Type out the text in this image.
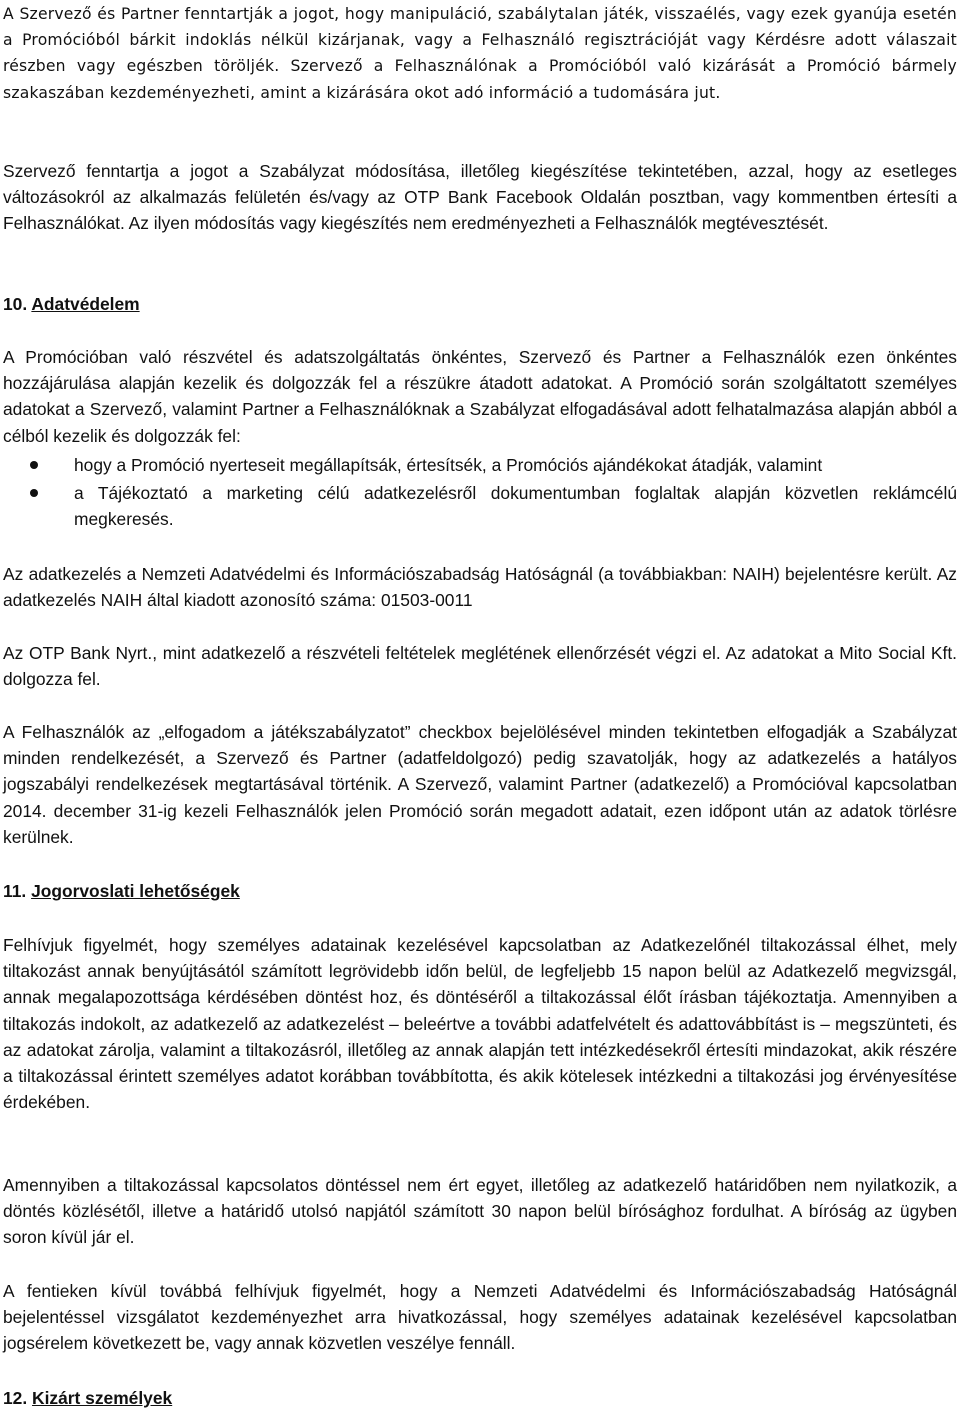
A Szervező és Partner fenntartják a jogot, hogy manipuláció, szabálytalan játék, visszaélés, vagy ezek gyanúja esetén a Promócióból bárkit indoklás nélkül kizárjanak, vagy a Felhasználó regisztrációját vagy Kérdésre adott válaszait részben vagy egészben töröljék. Szervező a Felhasználónak a Promócióból való kizárását a Promóció bármely szakaszában kezdeményezheti, amint a kizárására okot adó információ a tudomására jut.

Szervező fenntartja a jogot a Szabályzat módosítása, illetőleg kiegészítése tekintetében, azzal, hogy az esetleges változásokról az alkalmazás felületén és/vagy az OTP Bank Facebook Oldalán posztban, vagy kommentben értesíti a Felhasználókat. Az ilyen módosítás vagy kiegészítés nem eredményezheti a Felhasználók megtévesztését.

10. Adatvédelem

A Promócióban való részvétel és adatszolgáltatás önkéntes, Szervező és Partner a Felhasználók ezen önkéntes hozzájárulása alapján kezelik és dolgozzák fel a részükre átadott adatokat. A Promóció során szolgáltatott személyes adatokat a Szervező, valamint Partner a Felhasználóknak a Szabályzat elfogadásával adott felhatalmazása alapján abból a célból kezelik és dolgozzák fel:

hogy a Promóció nyerteseit megállapítsák, értesítsék, a Promóciós ajándékokat átadják, valamint
a Tájékoztató a marketing célú adatkezelésről dokumentumban foglaltak alapján közvetlen reklámcélú megkeresés.

Az adatkezelés a Nemzeti Adatvédelmi és Információszabadság Hatóságnál (a továbbiakban: NAIH) bejelentésre került. Az adatkezelés NAIH által kiadott azonosító száma: 01503-0011

Az OTP Bank Nyrt., mint adatkezelő a részvételi feltételek meglétének ellenőrzését végzi el. Az adatokat a Mito Social Kft. dolgozza fel.

A Felhasználók az „elfogadom a játékszabályzatot” checkbox bejelölésével minden tekintetben elfogadják a Szabályzat minden rendelkezését, a Szervező és Partner (adatfeldolgozó) pedig szavatolják, hogy az adatkezelés a hatályos jogszabályi rendelkezések megtartásával történik. A Szervező, valamint Partner (adatkezelő) a Promócióval kapcsolatban 2014. december 31-ig kezeli Felhasználók jelen Promóció során megadott adatait, ezen időpont után az adatok törlésre kerülnek.

11. Jogorvoslati lehetőségek

Felhívjuk figyelmét, hogy személyes adatainak kezelésével kapcsolatban az Adatkezelőnél tiltakozással élhet, mely tiltakozást annak benyújtásától számított legrövidebb időn belül, de legfeljebb 15 napon belül az Adatkezelő megvizsgál, annak megalapozottsága kérdésében döntést hoz, és döntéséről a tiltakozással élőt írásban tájékoztatja. Amennyiben a tiltakozás indokolt, az adatkezelő az adatkezelést – beleértve a további adatfelvételt és adattovábbítást is – megszünteti, és az adatokat zárolja, valamint a tiltakozásról, illetőleg az annak alapján tett intézkedésekről értesíti mindazokat, akik részére a tiltakozással érintett személyes adatot korábban továbbította, és akik kötelesek intézkedni a tiltakozási jog érvényesítése érdekében.

Amennyiben a tiltakozással kapcsolatos döntéssel nem ért egyet, illetőleg az adatkezelő határidőben nem nyilatkozik, a döntés közlésétől, illetve a határidő utolsó napjától számított 30 napon belül bírósághoz fordulhat. A bíróság az ügyben soron kívül jár el.

A fentieken kívül továbbá felhívjuk figyelmét, hogy a Nemzeti Adatvédelmi és Információszabadság Hatóságnál bejelentéssel vizsgálatot kezdeményezhet arra hivatkozással, hogy személyes adatainak kezelésével kapcsolatban jogsérelem következett be, vagy annak közvetlen veszélye fennáll.

12. Kizárt személyek
